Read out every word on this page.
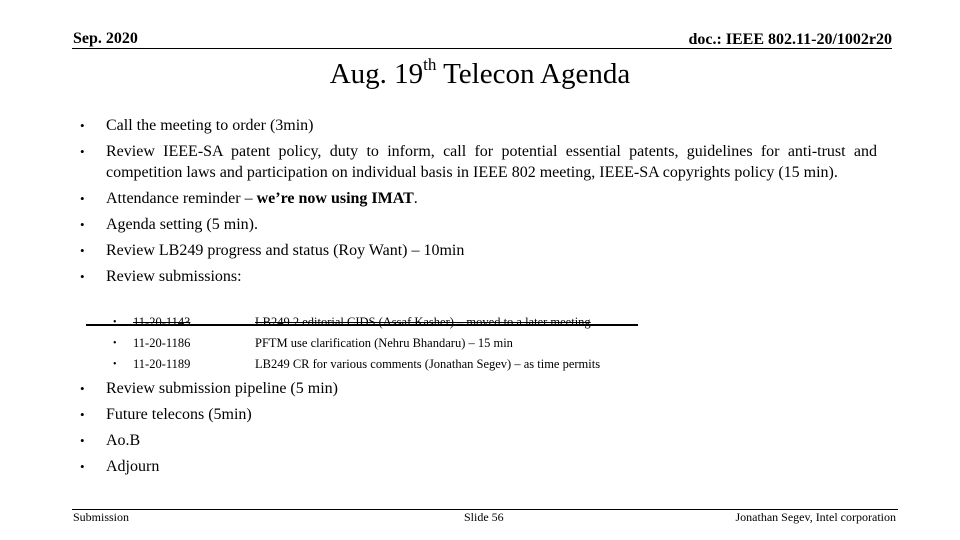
Sep. 2020	doc.: IEEE 802.11-20/1002r20
Aug. 19th Telecon Agenda
• Call the meeting to order (3min)
• Review IEEE-SA patent policy, duty to inform, call for potential essential patents, guidelines for anti-trust and competition laws and participation on individual basis in IEEE 802 meeting, IEEE-SA copyrights policy (15 min).
• Attendance reminder – we’re now using IMAT.
• Agenda setting (5 min).
• Review LB249 progress and status (Roy Want) – 10min
• Review submissions:
• 11-20-1143	LB249 2 editorial CIDS (Assaf Kasher) – moved to a later meeting
• 11-20-1186	PFTM use clarification (Nehru Bhandaru) – 15 min
• 11-20-1189	LB249 CR for various comments (Jonathan Segev) – as time permits
• Review submission pipeline (5 min)
• Future telecons (5min)
• Ao.B
• Adjourn
Submission	Slide 56	Jonathan Segev, Intel corporation
